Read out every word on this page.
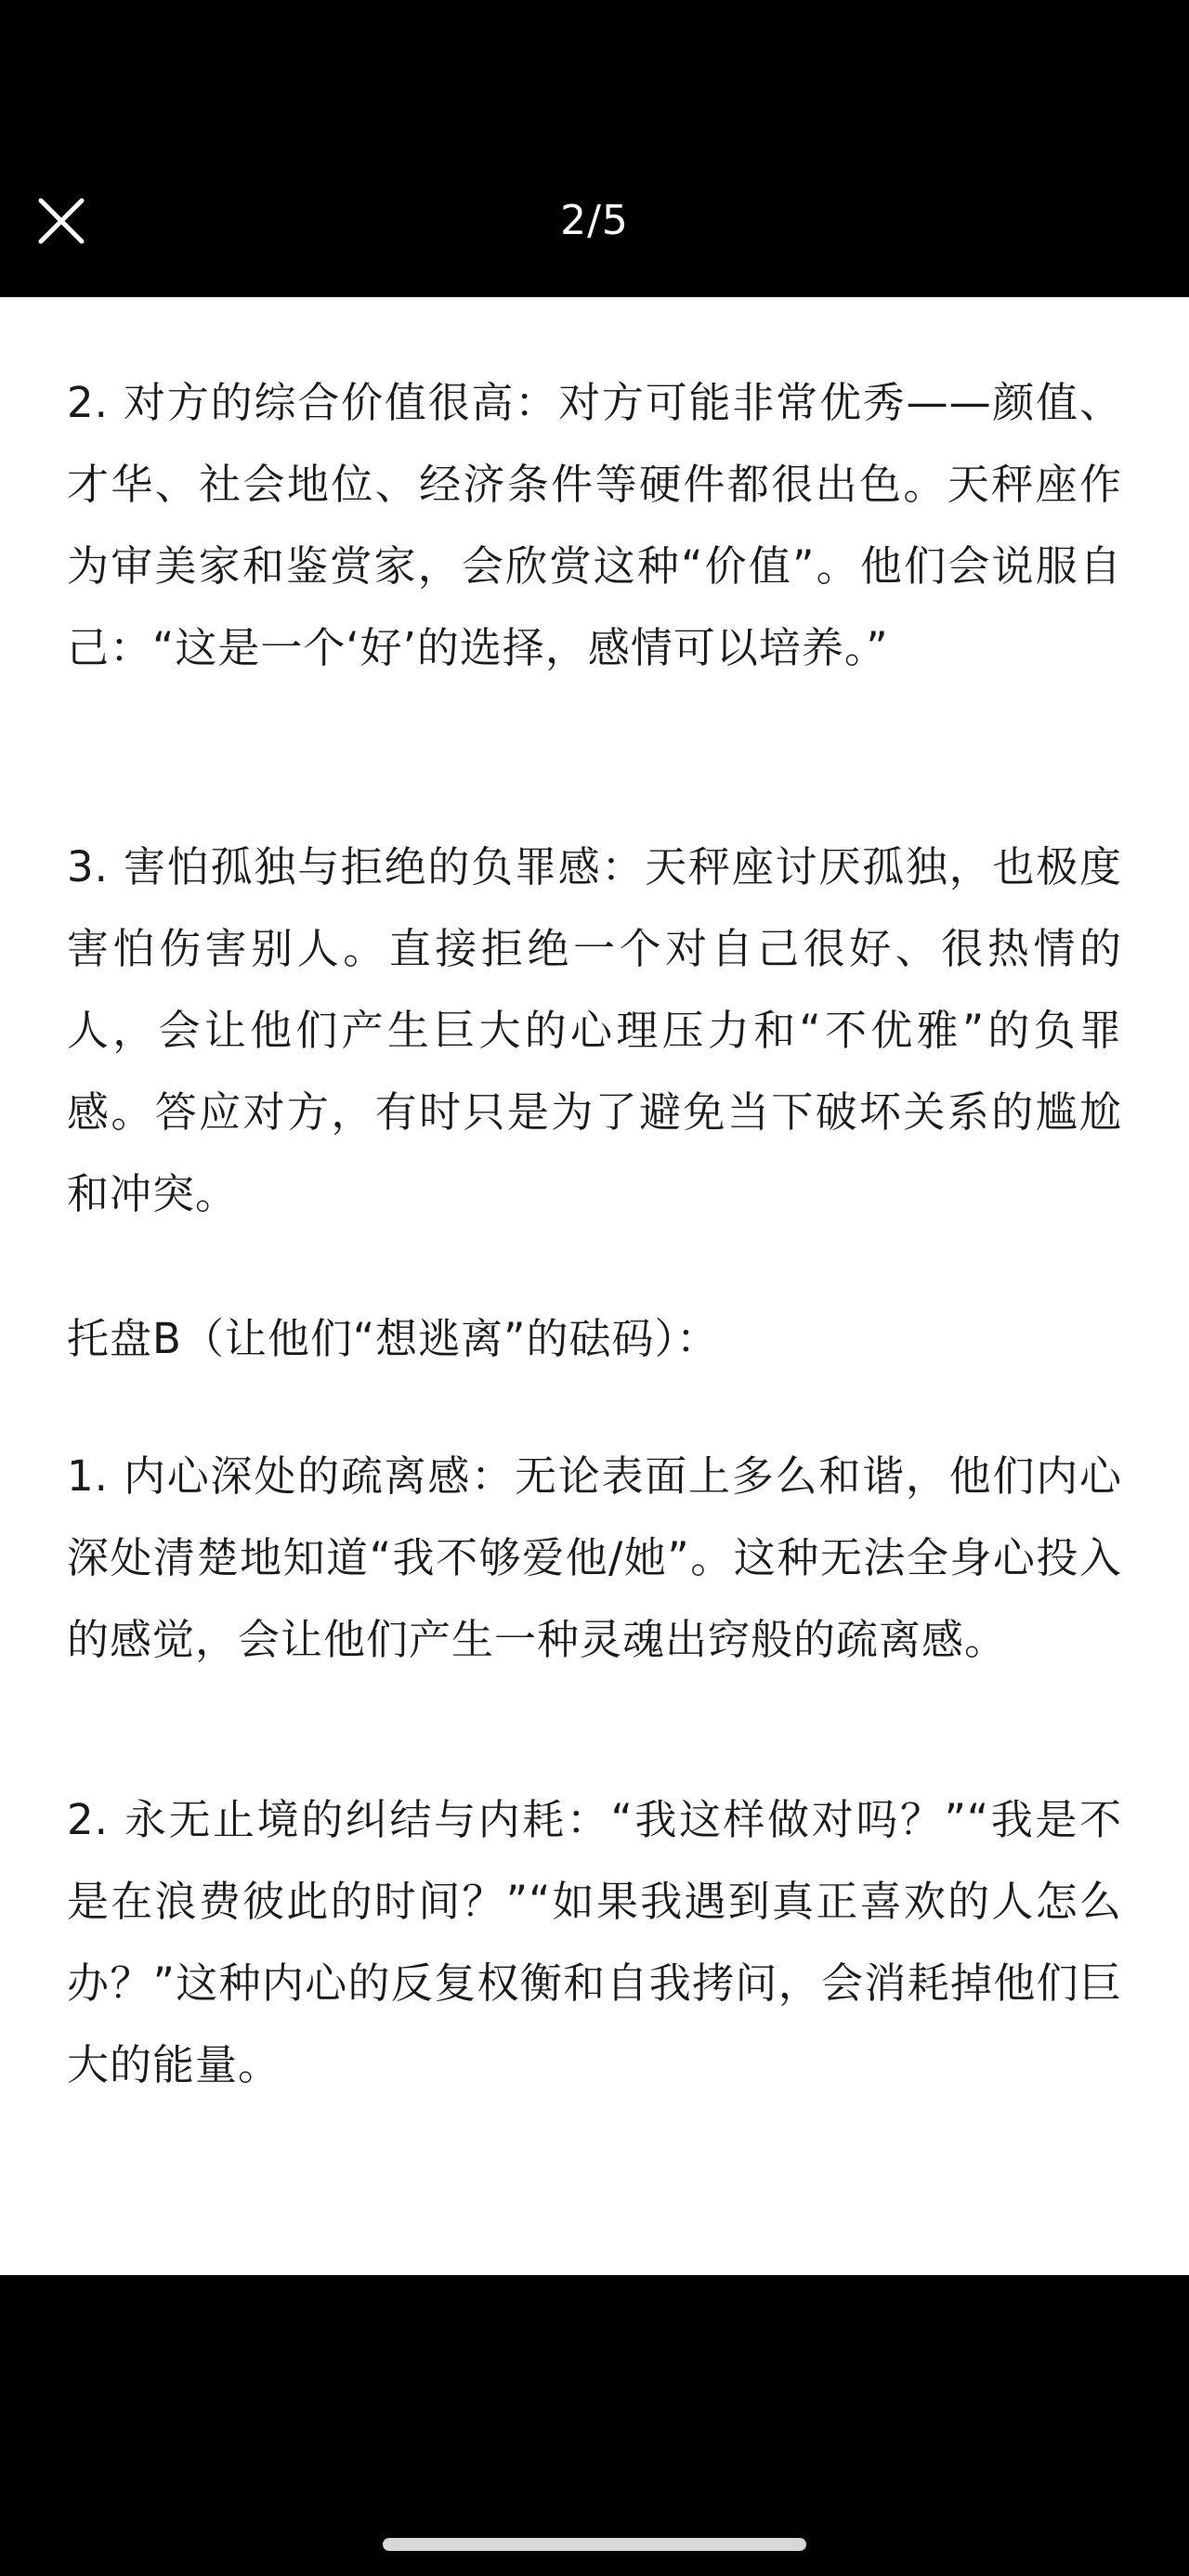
2/5

2. 对方的综合价值很高：对方可能非常优秀——颜值、才华、社会地位、经济条件等硬件都很出色。天秤座作为审美家和鉴赏家，会欣赏这种“价值”。他们会说服自己：“这是一个‘好’的选择，感情可以培养。”

3. 害怕孤独与拒绝的负罪感：天秤座讨厌孤独，也极度害怕伤害别人。直接拒绝一个对自己很好、很热情的人，会让他们产生巨大的心理压力和“不优雅”的负罪感。答应对方，有时只是为了避免当下破坏关系的尴尬和冲突。

托盘B（让他们“想逃离”的砝码）：

1. 内心深处的疏离感：无论表面上多么和谐，他们内心深处清楚地知道“我不够爱他/她”。这种无法全身心投入的感觉，会让他们产生一种灵魂出窍般的疏离感。

2. 永无止境的纠结与内耗：“我这样做对吗？”“我是不是在浪费彼此的时间？”“如果我遇到真正喜欢的人怎么办？”这种内心的反复权衡和自我拷问，会消耗掉他们巨大的能量。
